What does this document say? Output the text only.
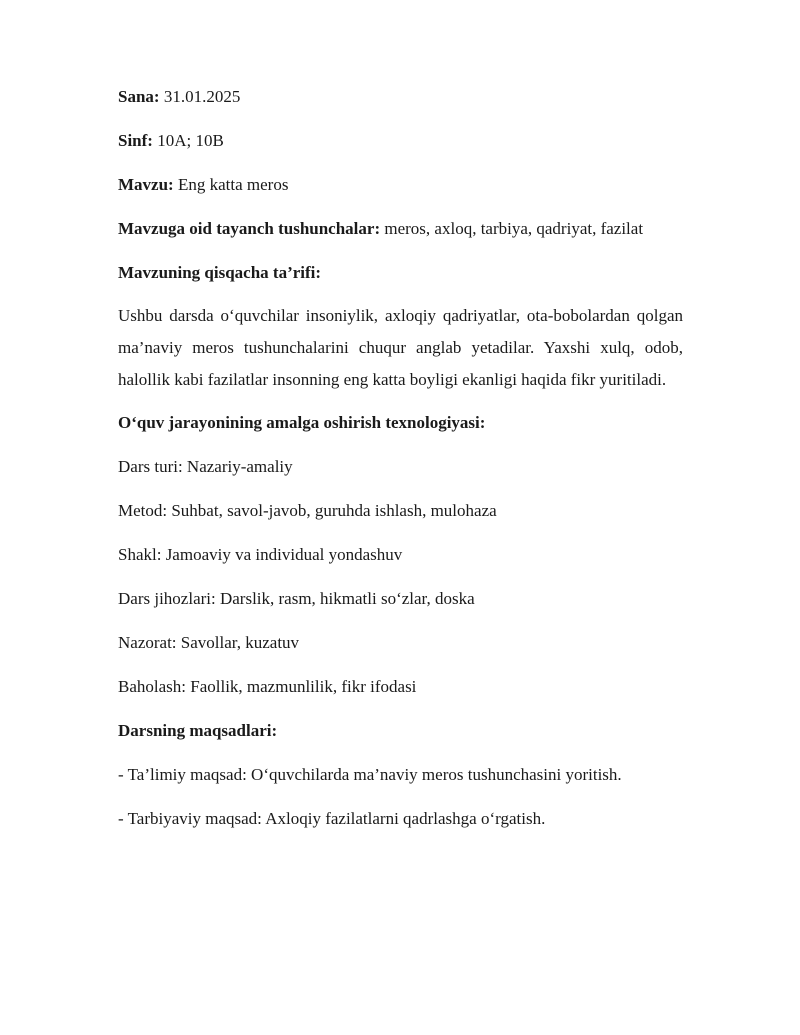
Sana: 31.01.2025

Sinf: 10A; 10B

Mavzu: Eng katta meros

Mavzuga oid tayanch tushunchalar: meros, axloq, tarbiya, qadriyat, fazilat

Mavzuning qisqacha ta’rifi:

Ushbu darsda o‘quvchilar insoniylik, axloqiy qadriyatlar, ota-bobolardan qolgan ma’naviy meros tushunchalarini chuqur anglab yetadilar. Yaxshi xulq, odob, halollik kabi fazilatlar insonning eng katta boyligi ekanligi haqida fikr yuritiladi.

O‘quv jarayonining amalga oshirish texnologiyasi:

Dars turi: Nazariy-amaliy

Metod: Suhbat, savol-javob, guruhda ishlash, mulohaza

Shakl: Jamoaviy va individual yondashuv

Dars jihozlari: Darslik, rasm, hikmatli so‘zlar, doska

Nazorat: Savollar, kuzatuv

Baholash: Faollik, mazmunlilik, fikr ifodasi

Darsning maqsadlari:

- Ta’limiy maqsad: O‘quvchilarda ma’naviy meros tushunchasini yoritish.

- Tarbiyaviy maqsad: Axloqiy fazilatlarni qadrlashga o‘rgatish.
